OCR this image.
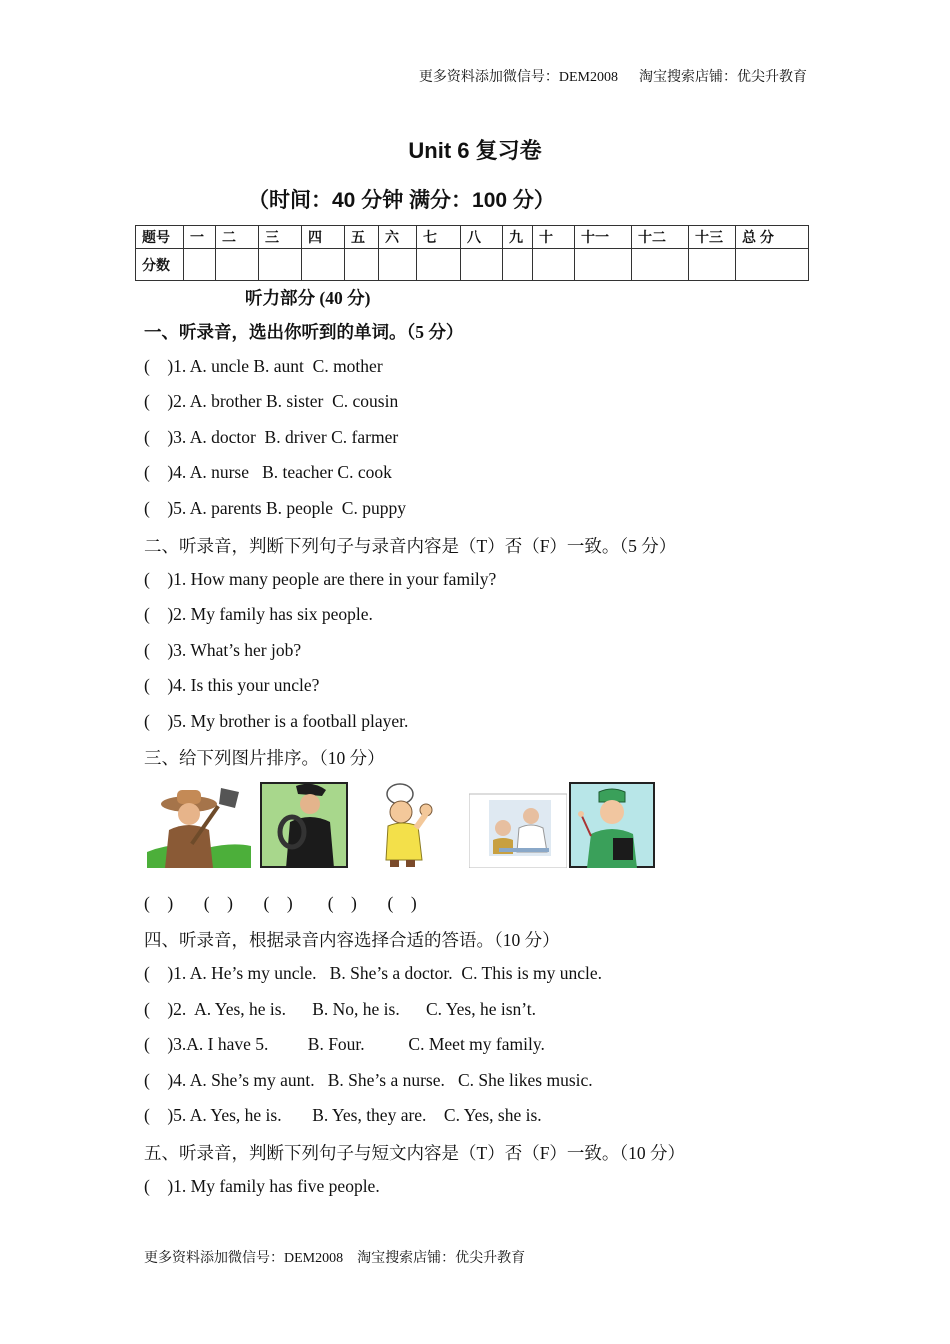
更多资料添加微信号：DEM2008      淘宝搜索店铺：优尖升教育
Unit 6 复习卷
（时间：40 分钟 满分：100 分）
题号	一	二	三	四	五	六	七	八	九	十	十一	十二	十三	总 分
分数														
听力部分 (40 分)
一、听录音，选出你听到的单词。（5 分）
(    )1. A. uncle B. aunt  C. mother
(    )2. A. brother B. sister  C. cousin
(    )3. A. doctor  B. driver C. farmer
(    )4. A. nurse   B. teacher C. cook
(    )5. A. parents B. people  C. puppy
二、听录音，判断下列句子与录音内容是（T）否（F）一致。（5 分）
(    )1. How many people are there in your family?
(    )2. My family has six people.
(    )3. What’s her job?
(    )4. Is this your uncle?
(    )5. My brother is a football player.
三、给下列图片排序。（10 分）
(    )       (    )       (    )        (    )       (    )
四、听录音，根据录音内容选择合适的答语。（10 分）
(    )1. A. He’s my uncle.   B. She’s a doctor.  C. This is my uncle.
(    )2.  A. Yes, he is.      B. No, he is.      C. Yes, he isn’t.
(    )3.A. I have 5.         B. Four.          C. Meet my family.
(    )4. A. She’s my aunt.   B. She’s a nurse.   C. She likes music.
(    )5. A. Yes, he is.       B. Yes, they are.    C. Yes, she is.
五、听录音，判断下列句子与短文内容是（T）否（F）一致。（10 分）
(    )1. My family has five people.
更多资料添加微信号：DEM2008    淘宝搜索店铺：优尖升教育
